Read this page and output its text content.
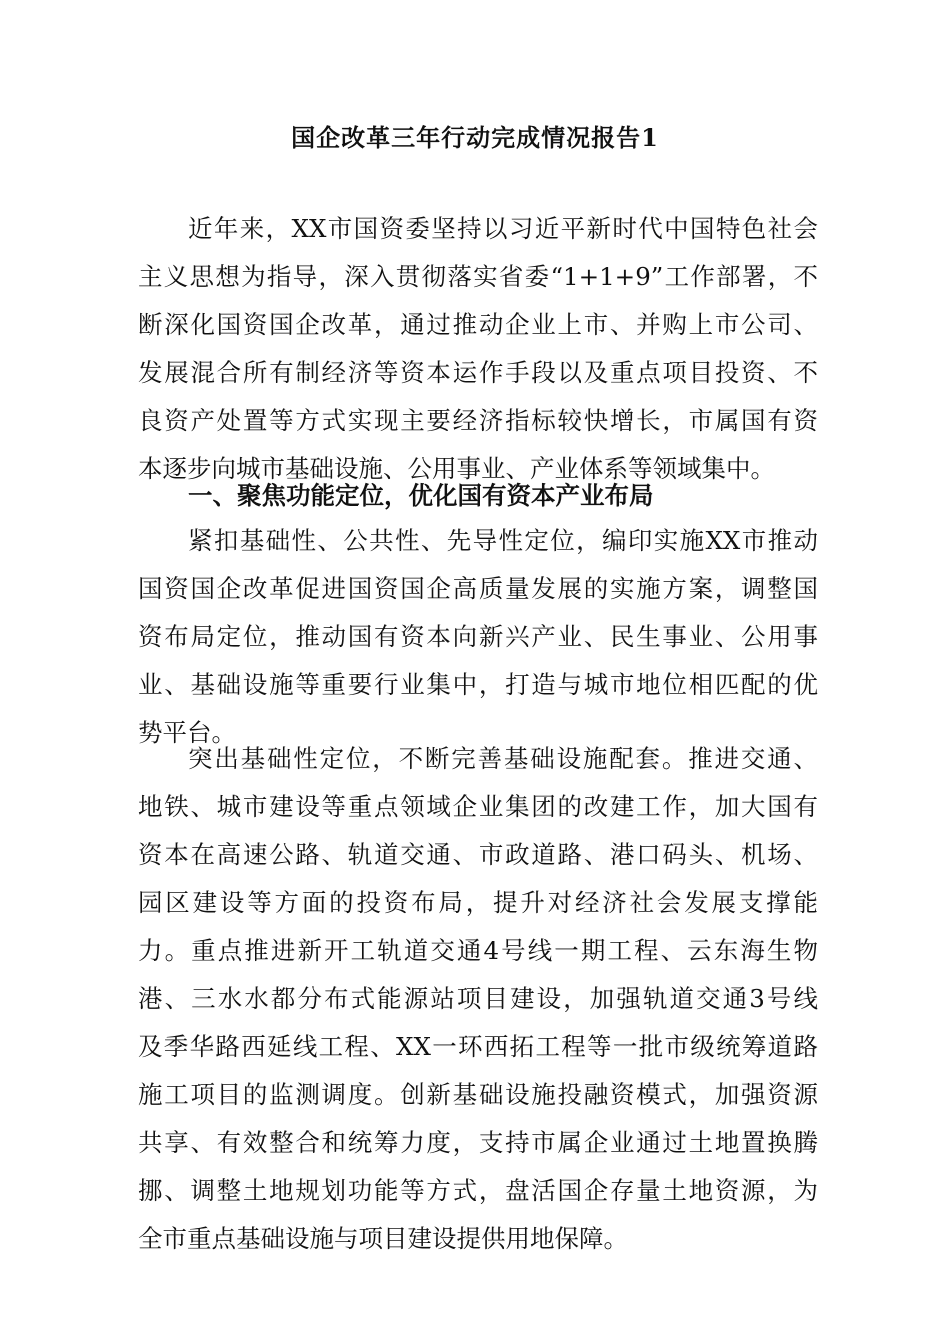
国企改革三年行动完成情况报告1
近年来，XX市国资委坚持以习近平新时代中国特色社会
主义思想为指导，深入贯彻落实省委“1+1+9”工作部署，不
断深化国资国企改革，通过推动企业上市、并购上市公司、
发展混合所有制经济等资本运作手段以及重点项目投资、不
良资产处置等方式实现主要经济指标较快增长，市属国有资
本逐步向城市基础设施、公用事业、产业体系等领域集中。
一、聚焦功能定位，优化国有资本产业布局
紧扣基础性、公共性、先导性定位，编印实施XX市推动
国资国企改革促进国资国企高质量发展的实施方案，调整国
资布局定位，推动国有资本向新兴产业、民生事业、公用事
业、基础设施等重要行业集中，打造与城市地位相匹配的优
势平台。
突出基础性定位，不断完善基础设施配套。推进交通、
地铁、城市建设等重点领域企业集团的改建工作，加大国有
资本在高速公路、轨道交通、市政道路、港口码头、机场、
园区建设等方面的投资布局，提升对经济社会发展支撑能
力。重点推进新开工轨道交通4号线一期工程、云东海生物
港、三水水都分布式能源站项目建设，加强轨道交通3号线
及季华路西延线工程、XX一环西拓工程等一批市级统筹道路
施工项目的监测调度。创新基础设施投融资模式，加强资源
共享、有效整合和统筹力度，支持市属企业通过土地置换腾
挪、调整土地规划功能等方式，盘活国企存量土地资源，为
全市重点基础设施与项目建设提供用地保障。
